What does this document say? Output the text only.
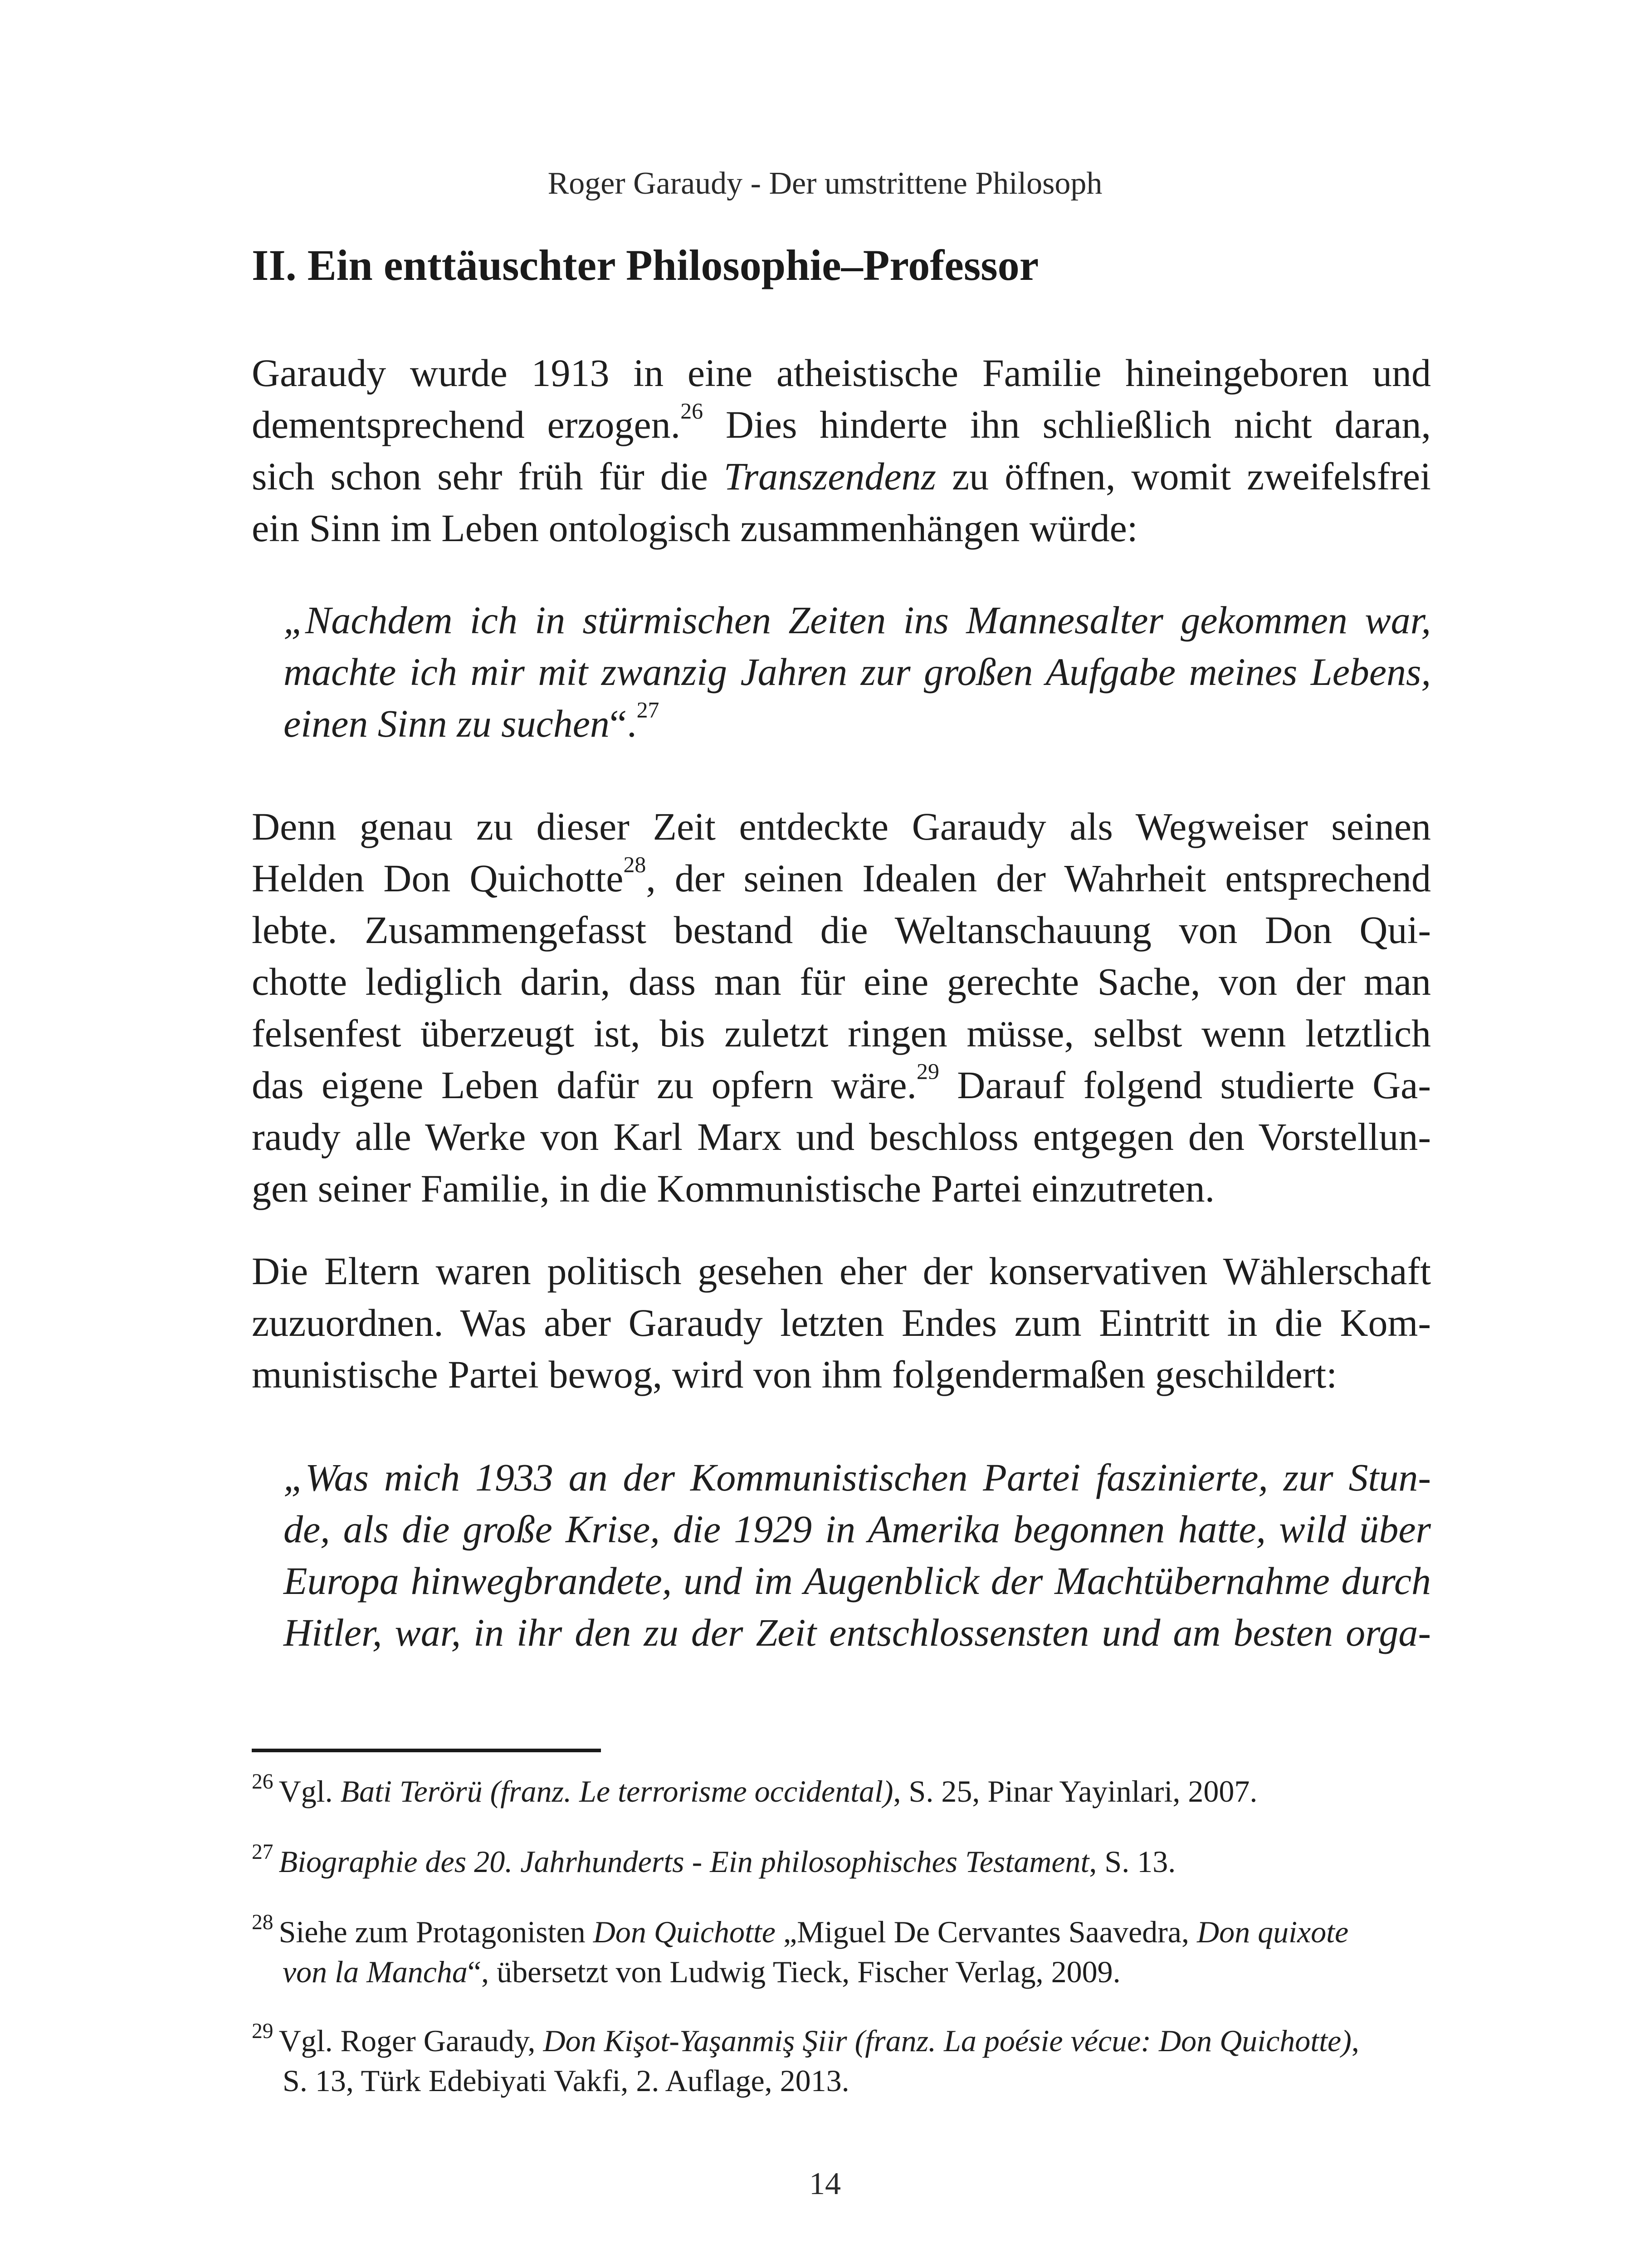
Roger Garaudy - Der umstrittene Philosoph
II. Ein enttäuschter Philosophie–Professor

Garaudy wurde 1913 in eine atheistische Familie hineingeboren und
dementsprechend erzogen.$^{26}$ Dies hinderte ihn schließlich nicht daran,
sich schon sehr früh für die Transzendenz zu öffnen, womit zweifelsfrei
ein Sinn im Leben ontologisch zusammenhängen würde:

„Nachdem ich in stürmischen Zeiten ins Mannesalter gekommen war,
machte ich mir mit zwanzig Jahren zur großen Aufgabe meines Lebens,
einen Sinn zu suchen“.$^{27}$

Denn genau zu dieser Zeit entdeckte Garaudy als Wegweiser seinen
Helden Don Quichotte$^{28}$, der seinen Idealen der Wahrheit entsprechend
lebte. Zusammengefasst bestand die Weltanschauung von Don Qui-
chotte lediglich darin, dass man für eine gerechte Sache, von der man
felsenfest überzeugt ist, bis zuletzt ringen müsse, selbst wenn letztlich
das eigene Leben dafür zu opfern wäre.$^{29}$ Darauf folgend studierte Ga-
raudy alle Werke von Karl Marx und beschloss entgegen den Vorstellun-
gen seiner Familie, in die Kommunistische Partei einzutreten.

Die Eltern waren politisch gesehen eher der konservativen Wählerschaft
zuzuordnen. Was aber Garaudy letzten Endes zum Eintritt in die Kom-
munistische Partei bewog, wird von ihm folgendermaßen geschildert:

„Was mich 1933 an der Kommunistischen Partei faszinierte, zur Stun-
de, als die große Krise, die 1929 in Amerika begonnen hatte, wild über
Europa hinwegbrandete, und im Augenblick der Machtübernahme durch
Hitler, war, in ihr den zu der Zeit entschlossensten und am besten orga-

$^{26}$ Vgl. Bati Terörü (franz. Le terrorisme occidental), S. 25, Pinar Yayinlari, 2007.

$^{27}$ Biographie des 20. Jahrhunderts - Ein philosophisches Testament, S. 13.

$^{28}$ Siehe zum Protagonisten Don Quichotte „Miguel De Cervantes Saavedra, Don quixote
von la Mancha“, übersetzt von Ludwig Tieck, Fischer Verlag, 2009.

$^{29}$ Vgl. Roger Garaudy, Don Kişot-Yaşanmiş Şiir (franz. La poésie vécue: Don Quichotte),
S. 13, Türk Edebiyati Vakfi, 2. Auflage, 2013.

14
